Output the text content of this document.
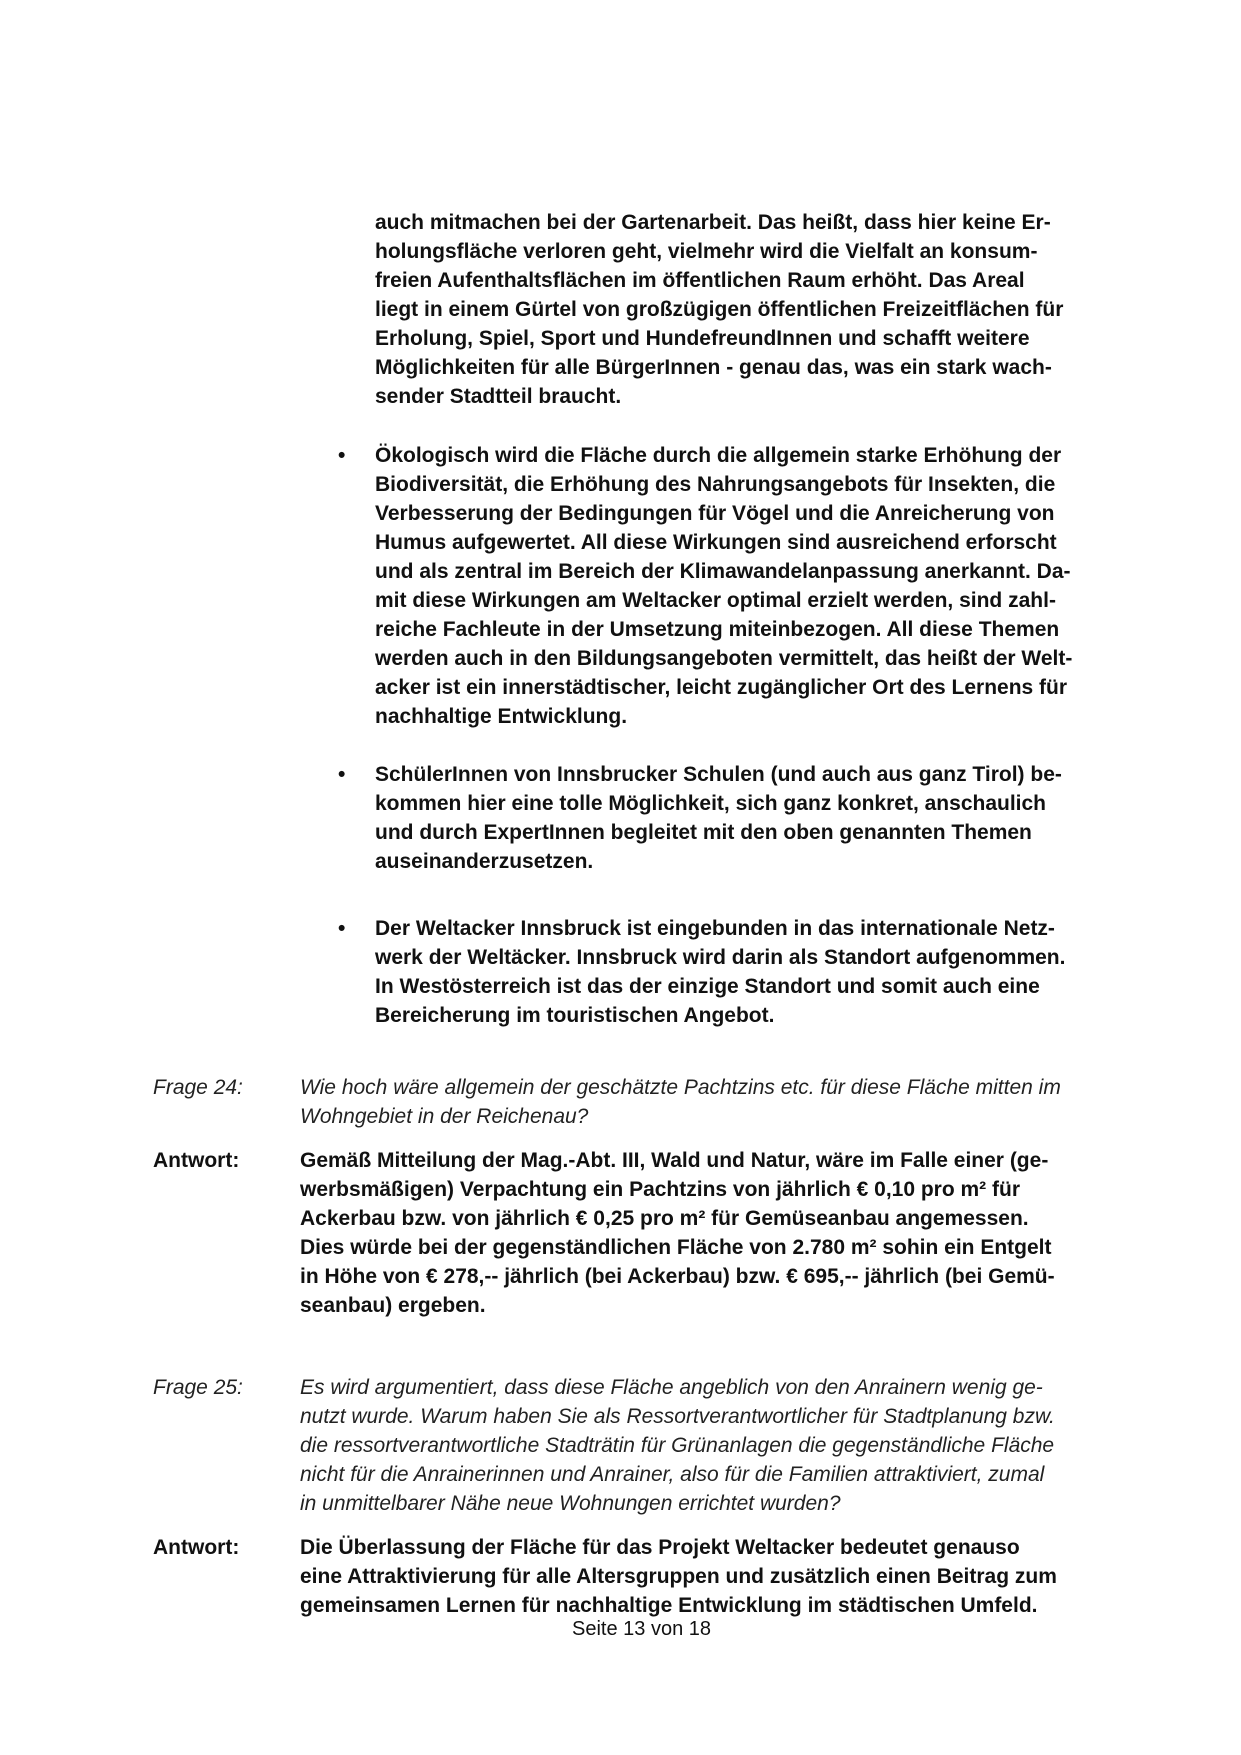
auch mitmachen bei der Gartenarbeit. Das heißt, dass hier keine Er-
holungsfläche verloren geht, vielmehr wird die Vielfalt an konsum-
freien Aufenthaltsflächen im öffentlichen Raum erhöht. Das Areal
liegt in einem Gürtel von großzügigen öffentlichen Freizeitflächen für
Erholung, Spiel, Sport und HundefreundInnen und schafft weitere
Möglichkeiten für alle BürgerInnen - genau das, was ein stark wach-
sender Stadtteil braucht.
• Ökologisch wird die Fläche durch die allgemein starke Erhöhung der
Biodiversität, die Erhöhung des Nahrungsangebots für Insekten, die
Verbesserung der Bedingungen für Vögel und die Anreicherung von
Humus aufgewertet. All diese Wirkungen sind ausreichend erforscht
und als zentral im Bereich der Klimawandelanpassung anerkannt. Da-
mit diese Wirkungen am Weltacker optimal erzielt werden, sind zahl-
reiche Fachleute in der Umsetzung miteinbezogen. All diese Themen
werden auch in den Bildungsangeboten vermittelt, das heißt der Welt-
acker ist ein innerstädtischer, leicht zugänglicher Ort des Lernens für
nachhaltige Entwicklung.
• SchülerInnen von Innsbrucker Schulen (und auch aus ganz Tirol) be-
kommen hier eine tolle Möglichkeit, sich ganz konkret, anschaulich
und durch ExpertInnen begleitet mit den oben genannten Themen
auseinanderzusetzen.
• Der Weltacker Innsbruck ist eingebunden in das internationale Netz-
werk der Weltäcker. Innsbruck wird darin als Standort aufgenommen.
In Westösterreich ist das der einzige Standort und somit auch eine
Bereicherung im touristischen Angebot.
Frage 24:	Wie hoch wäre allgemein der geschätzte Pachtzins etc. für diese Fläche mitten im
Wohngebiet in der Reichenau?
Antwort:	Gemäß Mitteilung der Mag.-Abt. III, Wald und Natur, wäre im Falle einer (ge-
werbsmäßigen) Verpachtung ein Pachtzins von jährlich € 0,10 pro m² für
Ackerbau bzw. von jährlich € 0,25 pro m² für Gemüseanbau angemessen.
Dies würde bei der gegenständlichen Fläche von 2.780 m² sohin ein Entgelt
in Höhe von € 278,-- jährlich (bei Ackerbau) bzw. € 695,-- jährlich (bei Gemü-
seanbau) ergeben.
Frage 25:	Es wird argumentiert, dass diese Fläche angeblich von den Anrainern wenig ge-
nutzt wurde. Warum haben Sie als Ressortverantwortlicher für Stadtplanung bzw.
die ressortverantwortliche Stadträtin für Grünanlagen die gegenständliche Fläche
nicht für die Anrainerinnen und Anrainer, also für die Familien attraktiviert, zumal
in unmittelbarer Nähe neue Wohnungen errichtet wurden?
Antwort:	Die Überlassung der Fläche für das Projekt Weltacker bedeutet genauso
eine Attraktivierung für alle Altersgruppen und zusätzlich einen Beitrag zum
gemeinsamen Lernen für nachhaltige Entwicklung im städtischen Umfeld.
Seite 13 von 18
